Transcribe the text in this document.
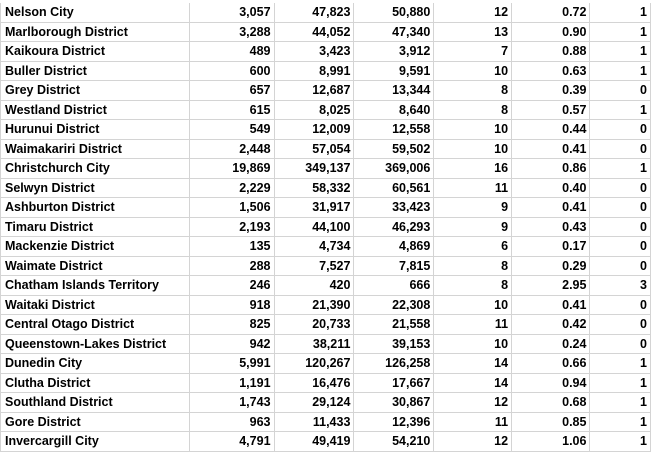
Nelson City	3,057	47,823	50,880	12	0.72	1
Marlborough District	3,288	44,052	47,340	13	0.90	1
Kaikoura District	489	3,423	3,912	7	0.88	1
Buller District	600	8,991	9,591	10	0.63	1
Grey District	657	12,687	13,344	8	0.39	0
Westland District	615	8,025	8,640	8	0.57	1
Hurunui District	549	12,009	12,558	10	0.44	0
Waimakariri District	2,448	57,054	59,502	10	0.41	0
Christchurch City	19,869	349,137	369,006	16	0.86	1
Selwyn District	2,229	58,332	60,561	11	0.40	0
Ashburton District	1,506	31,917	33,423	9	0.41	0
Timaru District	2,193	44,100	46,293	9	0.43	0
Mackenzie District	135	4,734	4,869	6	0.17	0
Waimate District	288	7,527	7,815	8	0.29	0
Chatham Islands Territory	246	420	666	8	2.95	3
Waitaki District	918	21,390	22,308	10	0.41	0
Central Otago District	825	20,733	21,558	11	0.42	0
Queenstown-Lakes District	942	38,211	39,153	10	0.24	0
Dunedin City	5,991	120,267	126,258	14	0.66	1
Clutha District	1,191	16,476	17,667	14	0.94	1
Southland District	1,743	29,124	30,867	12	0.68	1
Gore District	963	11,433	12,396	11	0.85	1
Invercargill City	4,791	49,419	54,210	12	1.06	1
